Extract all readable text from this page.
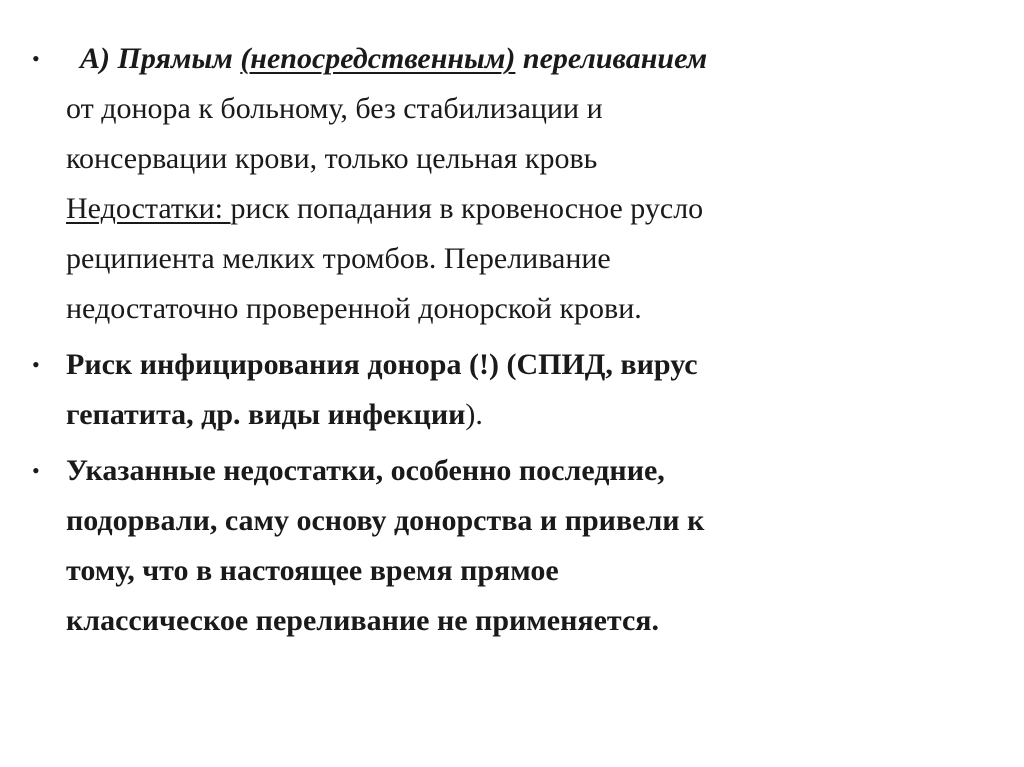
•	А) Прямым (непосредственным) переливанием
от донора к больному, без стабилизации и
консервации крови, только цельная кровь
Недостатки: риск попадания в кровеносное русло
реципиента мелких тромбов. Переливание
недостаточно проверенной донорской крови.
• Риск инфицирования донора (!) (СПИД, вирус
гепатита, др. виды инфекции).
• Указанные недостатки, особенно последние,
подорвали, саму основу донорства и привели к
тому, что в настоящее время прямое
классическое переливание не применяется.
